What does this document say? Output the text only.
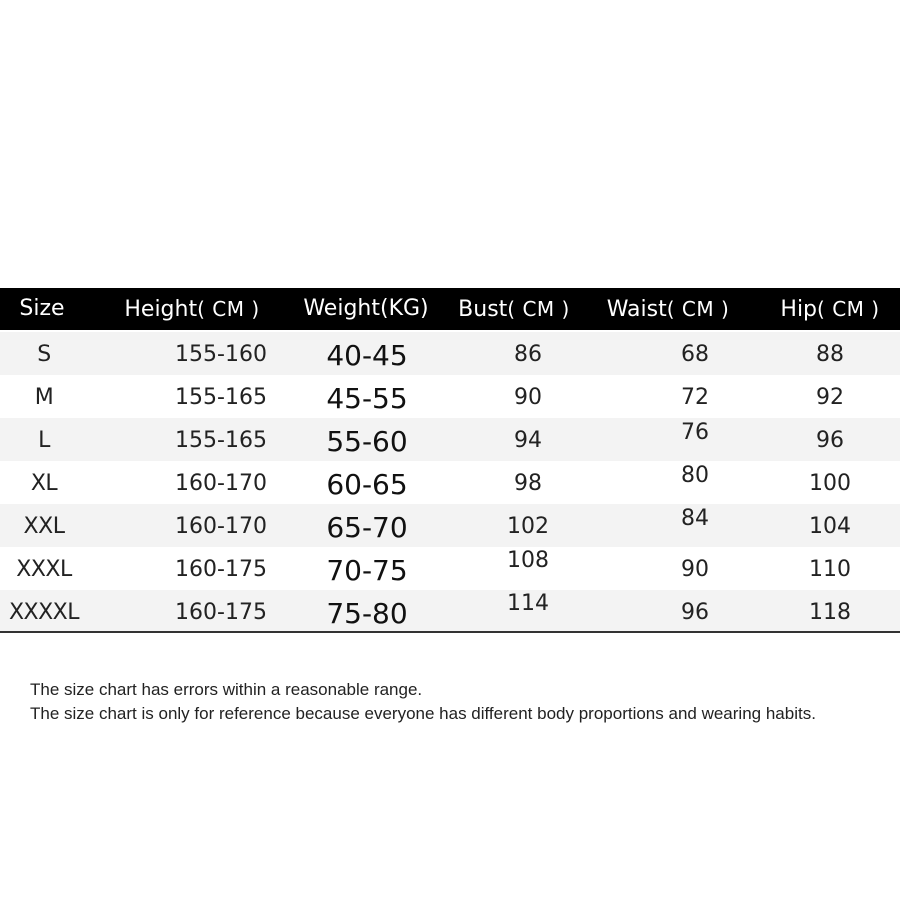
Size	Height( CM )	Weight(KG)	Bust( CM )	Waist( CM )	Hip( CM )
S	155-160	40-45	86	68	88
M	155-165	45-55	90	72	92
L	155-165	55-60	94	76	96
XL	160-170	60-65	98	80	100
XXL	160-170	65-70	102	84	104
XXXL	160-175	70-75	108	90	110
XXXXL	160-175	75-80	114	96	118
The size chart has errors within a reasonable range.
The size chart is only for reference because everyone has different body proportions and wearing habits.
